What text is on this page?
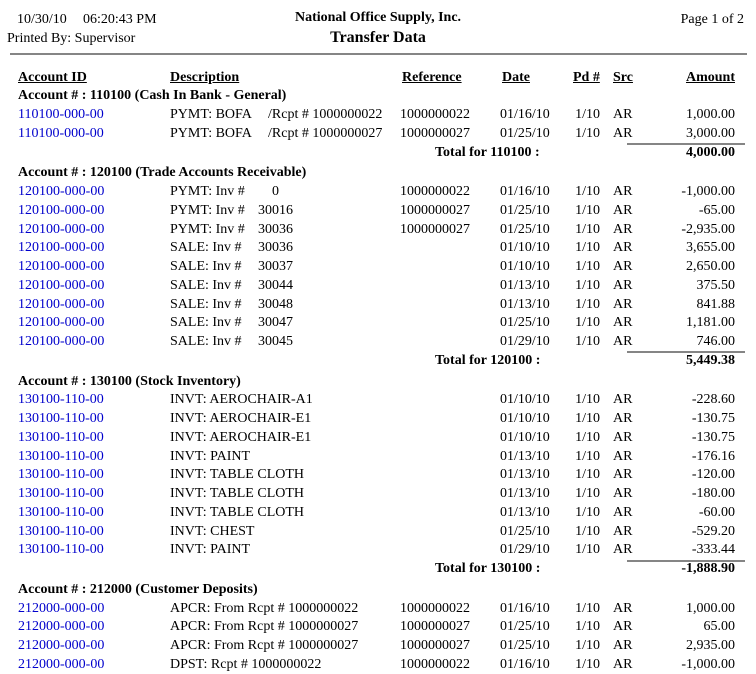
10/30/10 06:20:43 PM	National Office Supply, Inc.	Page 1 of 2
Printed By: Supervisor	Transfer Data
Account ID	Description	Reference	Date	Pd # Src	Amount
Account # : 110100 (Cash In Bank - General)
110100-000-00	PYMT: BOFA /Rcpt # 1000000022 1000000022 01/16/10 1/10 AR	1,000.00
110100-000-00	PYMT: BOFA /Rcpt # 1000000027 1000000027 01/25/10 1/10 AR	3,000.00
Total for 110100 :	4,000.00
Account # : 120100 (Trade Accounts Receivable)
120100-000-00	PYMT: Inv #	0	1000000022 01/16/10 1/10 AR	-1,000.00
120100-000-00	PYMT: Inv # 30016	1000000027 01/25/10 1/10 AR	-65.00
120100-000-00	PYMT: Inv # 30036	1000000027 01/25/10 1/10 AR	-2,935.00
120100-000-00	SALE: Inv #	30036	01/10/10 1/10 AR	3,655.00
120100-000-00	SALE: Inv #	30037	01/10/10 1/10 AR	2,650.00
120100-000-00	SALE: Inv #	30044	01/13/10 1/10 AR	375.50
120100-000-00	SALE: Inv #	30048	01/13/10 1/10 AR	841.88
120100-000-00	SALE: Inv #	30047	01/25/10 1/10 AR	1,181.00
120100-000-00	SALE: Inv #	30045	01/29/10 1/10 AR	746.00
Total for 120100 :	5,449.38
Account # : 130100 (Stock Inventory)
130100-110-00	INVT: AEROCHAIR-A1	01/10/10 1/10 AR	-228.60
130100-110-00	INVT: AEROCHAIR-E1	01/10/10 1/10 AR	-130.75
130100-110-00	INVT: AEROCHAIR-E1	01/10/10 1/10 AR	-130.75
130100-110-00	INVT: PAINT	01/13/10 1/10 AR	-176.16
130100-110-00	INVT: TABLE CLOTH	01/13/10 1/10 AR	-120.00
130100-110-00	INVT: TABLE CLOTH	01/13/10 1/10 AR	-180.00
130100-110-00	INVT: TABLE CLOTH	01/13/10 1/10 AR	-60.00
130100-110-00	INVT: CHEST	01/25/10 1/10 AR	-529.20
130100-110-00	INVT: PAINT	01/29/10 1/10 AR	-333.44
Total for 130100 :	-1,888.90
Account # : 212000 (Customer Deposits)
212000-000-00	APCR: From Rcpt # 1000000022	1000000022 01/16/10 1/10 AR	1,000.00
212000-000-00	APCR: From Rcpt # 1000000027	1000000027 01/25/10 1/10 AR	65.00
212000-000-00	APCR: From Rcpt # 1000000027	1000000027 01/25/10 1/10 AR	2,935.00
212000-000-00	DPST: Rcpt # 1000000022	1000000022 01/16/10 1/10 AR	-1,000.00
